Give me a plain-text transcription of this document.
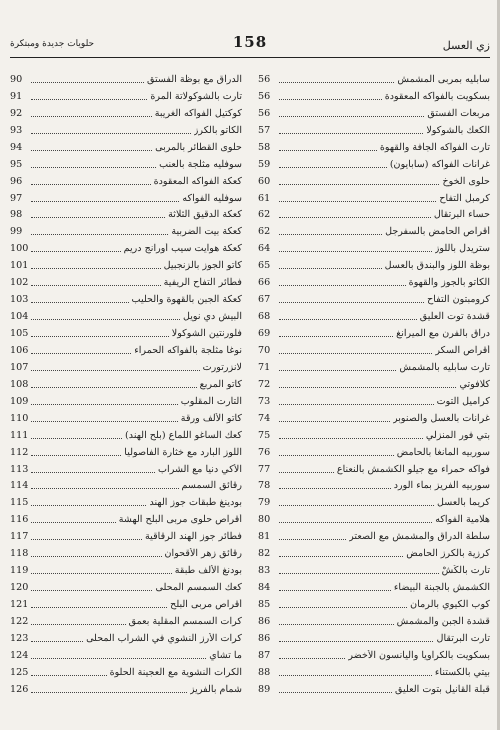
حلويات جديدة ومبتكرة	158	زي العسل
سابليه بمربى المشمش
56
بسكويت بالفواكه المعقودة
56
مربعات الفستق
56
الكعك بالشوكولا
57
تارت الفواكه الجافة والقهوة
58
غرانات الفواكه (سابايون)
59
حلوى الخوخ
60
كرمبل التفاح
61
حساء البرتقال
62
أقراص الحامض بالسفرجل
62
ستريدل باللوز
64
بوظة اللوز والبندق بالعسل
65
الكاتو بالجوز والقهوة
66
كرومبتون التفاح
67
قشدة توت العليق
68
دراق بالفرن مع الميرانغ
69
أقراص السكر
70
تارت سابليه بالمشمش
71
كلافوتي
72
كراميل التوت
73
غرانات بالعسل والصنوبر
74
بتي فور المنزلي
75
سوربيه المانغا بالحامض
76
فواكه حمراء مع جيلو الكشمش بالنعناع
77
سوربيه الفريز بماء الورد
78
كريما بالعسل
79
هلامية الفواكه
80
سلطة الدراق والمشمش مع الصعتر
81
كرزية بالكرز الحامض
82
تارت بالكُشْ
83
الكشمش بالجبنة البيضاء
84
كوب الكيوي بالرمان
85
قشدة الجبن والمشمش
86
تارت البرتقال
86
بسكويت بالكراويا واليانسون الأخضر
87
بيتي بالكستناء
88
قبلة القانيل بتوت العليق
89
الدراق مع بوظة الفستق
90
تارت بالشوكولاتة المرة
91
كوكتيل الفواكه الغريبة
92
الكاتو بالكرز
93
حلوى القطائر بالمربى
94
سوفليه مثلجة بالعنب
95
كعكة الفواكه المعقودة
96
سوفليه الفواكه
97
كعكة الدقيق الثلاثة
98
كعكة بيت الضربية
99
كعكة هوايت سيب أورانج دريم
100
كاتو الجوز بالزنجبيل
101
فطائر التفاح الريفية
102
كعكة الجبن بالقهوة والحليب
103
البيش دي نويل
104
فلورنتين الشوكولا
105
نوغا مثلجة بالفواكه الحمراء
106
لانزرتورت
107
كاتو المربع
108
التارت المقلوب
109
كاتو الألف ورقة
110
كعك الساغو اللماع (بلح الهند)
111
اللوز البارد مع خثارة الفاصوليا
112
الأكي دنيا مع الشراب
113
رقائق السمسم
114
بودينغ طبقات جوز الهند
115
أقراص حلوى مربى البلح الهشة
116
فطائر جوز الهند الرقاقية
117
رقائق زهر الأقحوان
118
بودنغ الألف طبقة
119
كعك السمسم المحلى
120
أقراص مربى البلح
121
كرات السمسم المقلية بعمق
122
كرات الأرز النشوي في الشراب المحلى
123
ما تشاي
124
الكرات النشوية مع العجينة الحلوة
125
شمام بالفريز
126
